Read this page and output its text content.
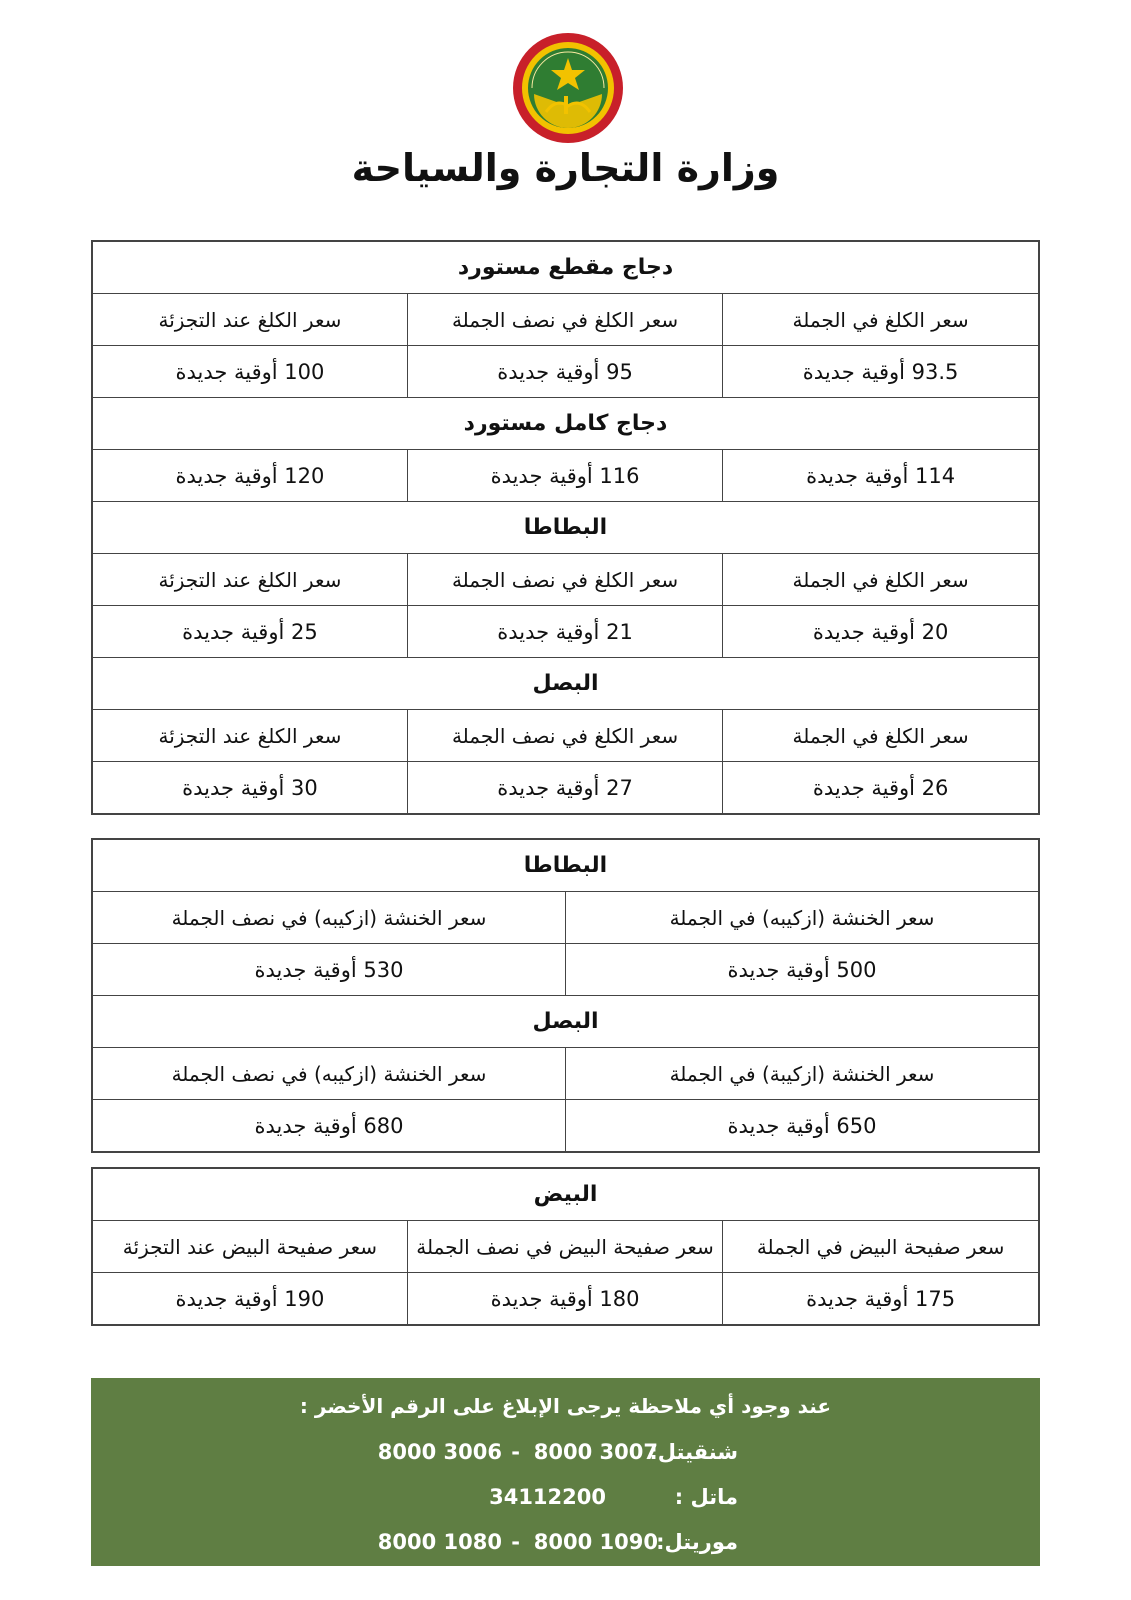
وزارة التجارة والسياحة
دجاج مقطع مستورد		
سعر الكلغ في الجملة	سعر الكلغ في نصف الجملة	سعر الكلغ عند التجزئة
93.5 أوقية جديدة	95 أوقية جديدة	100 أوقية جديدة
دجاج كامل مستورد		
114 أوقية جديدة	116 أوقية جديدة	120 أوقية جديدة
البطاطا		
سعر الكلغ في الجملة	سعر الكلغ في نصف الجملة	سعر الكلغ عند التجزئة
20 أوقية جديدة	21 أوقية جديدة	25 أوقية جديدة
البصل		
سعر الكلغ في الجملة	سعر الكلغ في نصف الجملة	سعر الكلغ عند التجزئة
26 أوقية جديدة	27 أوقية جديدة	30 أوقية جديدة
البطاطا	
سعر الخنشة (ازكيبه) في الجملة	سعر الخنشة (ازكيبه) في نصف الجملة
500 أوقية جديدة	530 أوقية جديدة
البصل	
سعر الخنشة (ازكيبة) في الجملة	سعر الخنشة (ازكيبه) في نصف الجملة
650 أوقية جديدة	680 أوقية جديدة
البيض		
سعر صفيحة البيض في الجملة	سعر صفيحة البيض في نصف الجملة	سعر صفيحة البيض عند التجزئة
175 أوقية جديدة	180 أوقية جديدة	190 أوقية جديدة
عند وجود أي ملاحظة يرجى الإبلاغ على الرقم الأخضر :
شنقيتل:
8000 3007
-
8000 3006
ماتل :
34112200
موريتل:
8000 1090
-
8000 1080
